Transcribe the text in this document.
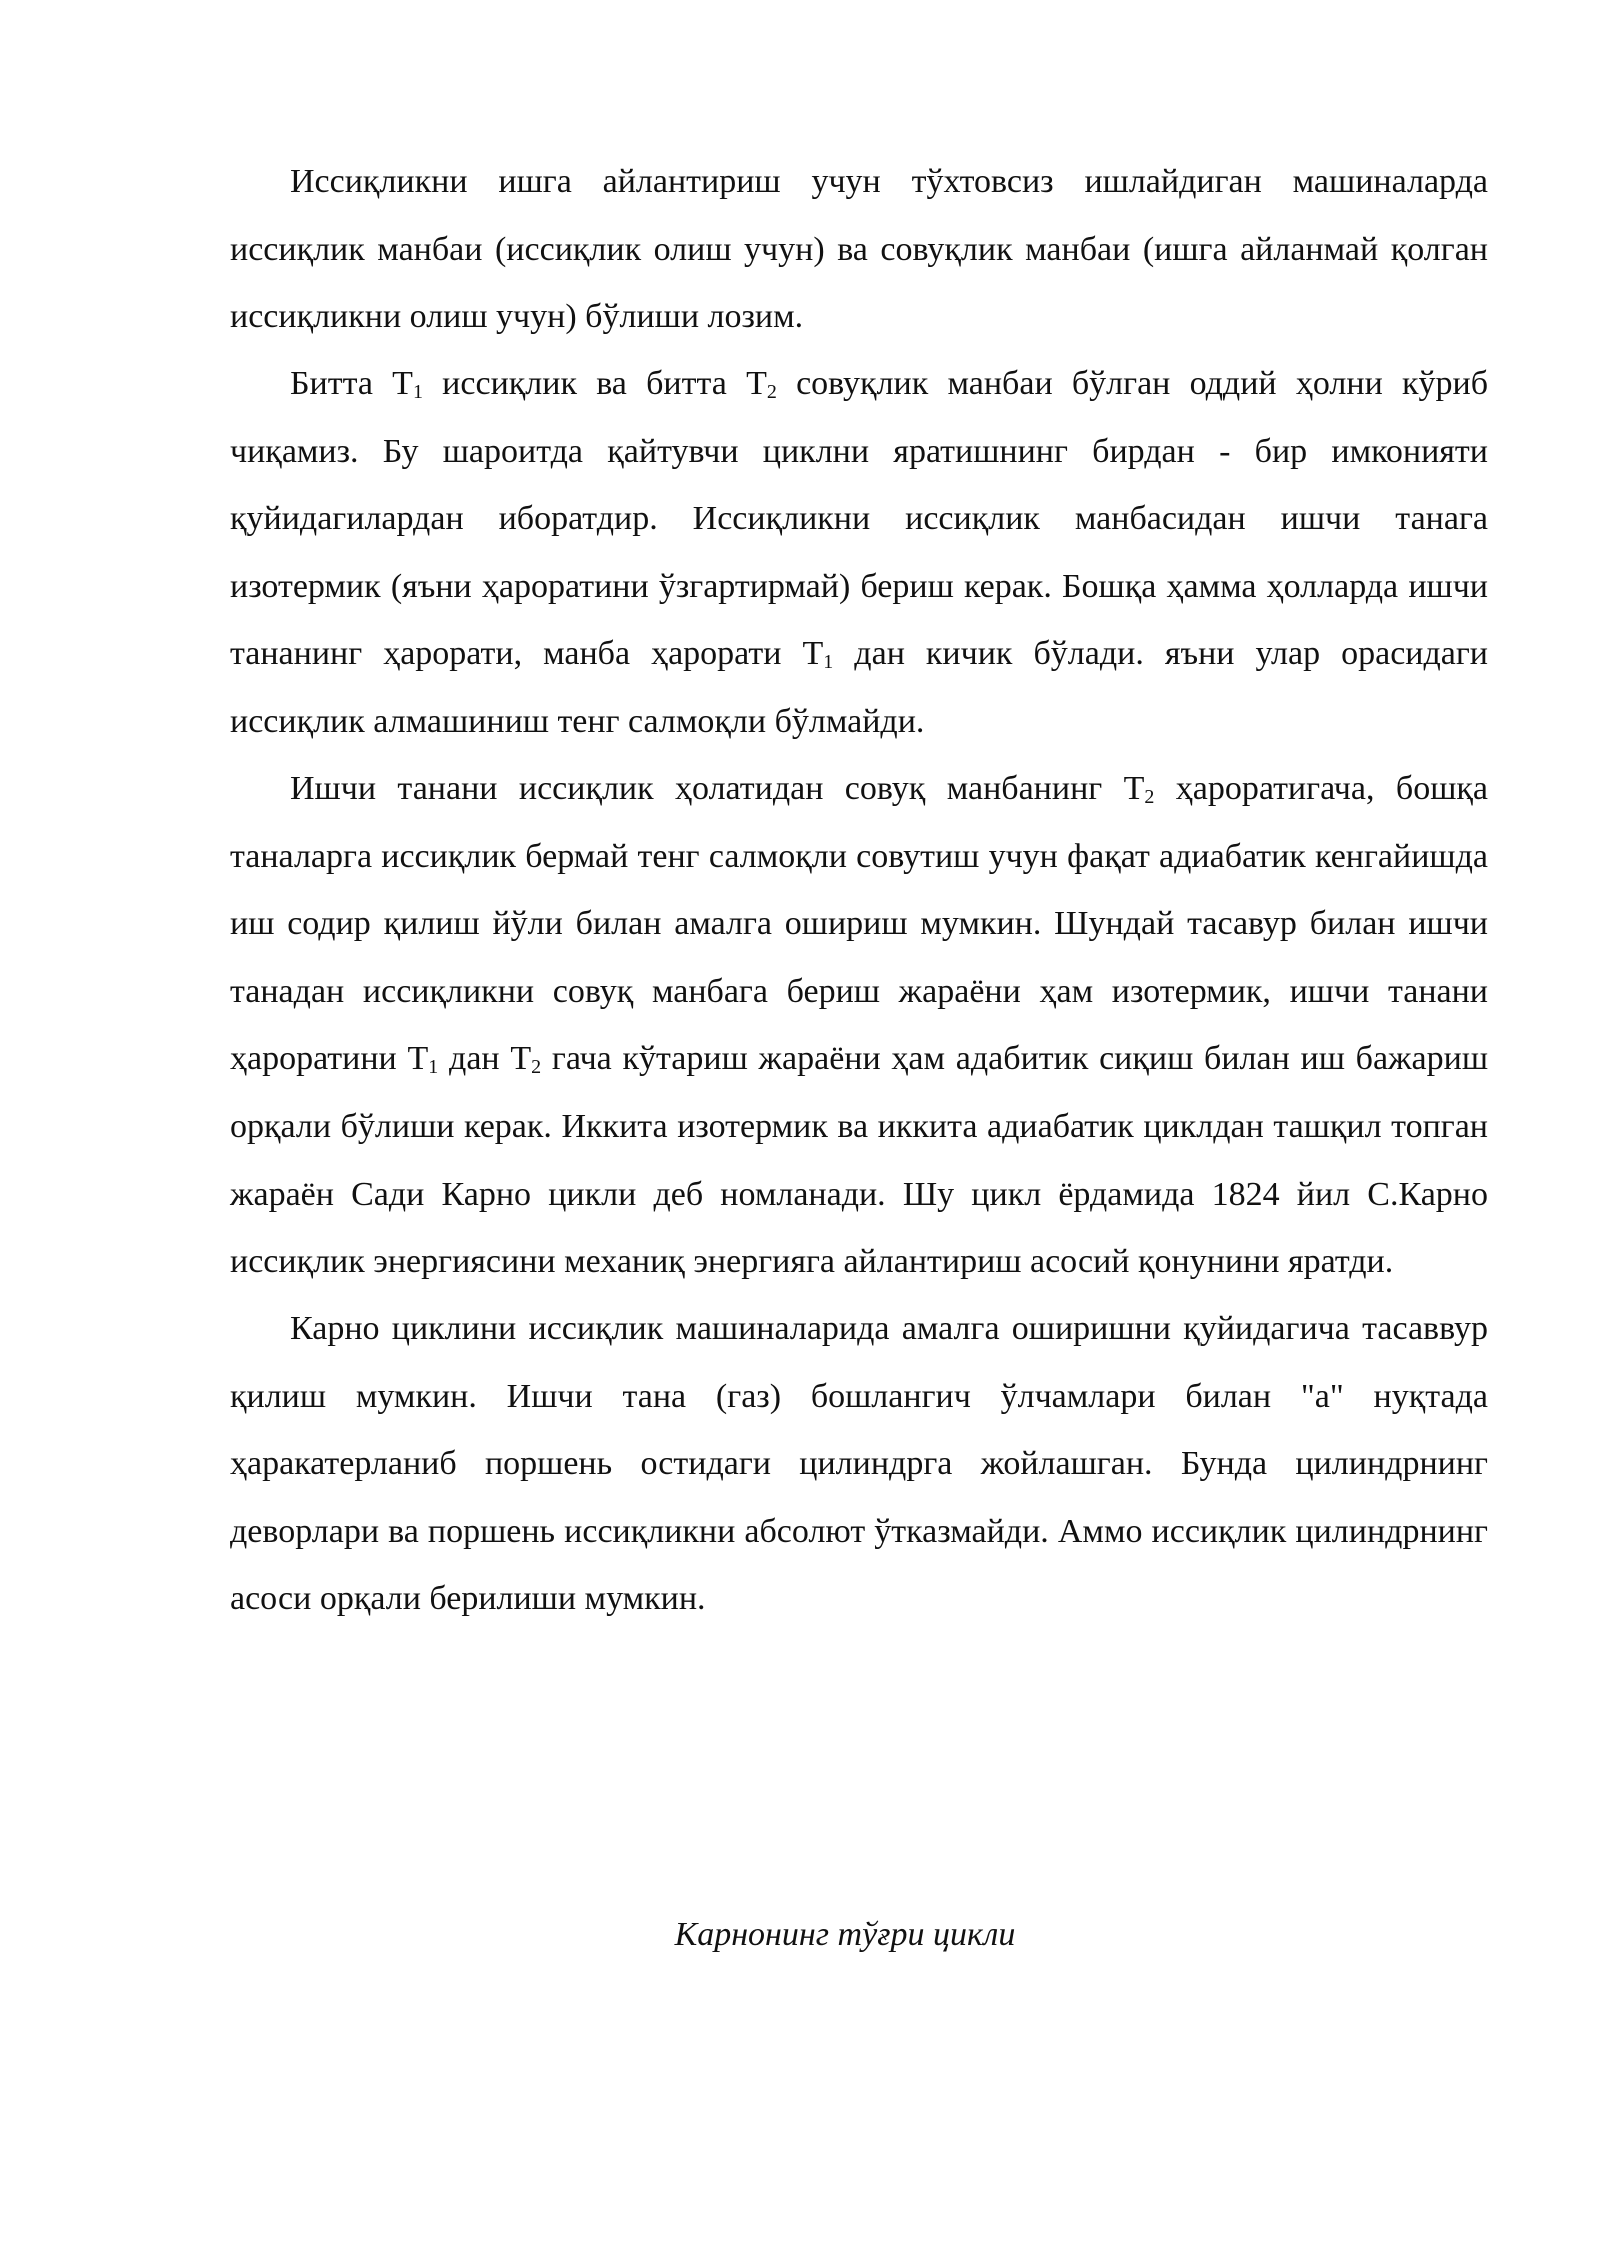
Иссиқликни ишга айлантириш учун тўхтовсиз ишлайдиган машиналарда иссиқлик манбаи (иссиқлик олиш учун) ва совуқлик манбаи (ишга айланмай қолган иссиқликни олиш учун) бўлиши лозим.

Битта $Т_1$ иссиқлик ва битта $Т_2$ совуқлик манбаи бўлган оддий ҳолни кўриб чиқамиз. Бу шароитда қайтувчи циклни яратишнинг бирдан - бир имконияти қуйидагилардан иборатдир. Иссиқликни иссиқлик манбасидан ишчи танага изотермик (яъни ҳароратини ўзгартирмай) бериш керак. Бошқа ҳамма ҳолларда ишчи тананинг ҳарорати, манба ҳарорати $Т_1$ дан кичик бўлади. яъни улар орасидаги иссиқлик алмашиниш тенг салмоқли бўлмайди.

Ишчи танани иссиқлик ҳолатидан совуқ манбанинг $Т_2$ ҳароратигача, бошқа таналарга иссиқлик бермай тенг салмоқли совутиш учун фақат адиабатик кенгайишда иш содир қилиш йўли билан амалга ошириш мумкин. Шундай тасавур билан ишчи танадан иссиқликни совуқ манбага бериш жараёни ҳам изотермик, ишчи танани ҳароратини $Т_1$ дан $Т_2$ гача кўтариш жараёни ҳам адабитик сиқиш билан иш бажариш орқали бўлиши керак. Иккита изотермик ва иккита адиабатик циклдан ташқил топган жараён Сади Карно цикли деб номланади. Шу цикл ёрдамида 1824 йил С.Карно иссиқлик энергиясини механиқ энергияга айлантириш асосий қонунини яратди.

Карно циклини иссиқлик машиналарида амалга оширишни қуйидагича тасаввур қилиш мумкин. Ишчи тана (газ) бошлангич ўлчамлари билан "а" нуқтада ҳаракатерланиб поршень остидаги цилиндрга жойлашган. Бунда цилиндрнинг деворлари ва поршень иссиқликни абсолют ўтказмайди. Аммо иссиқлик цилиндрнинг асоси орқали берилиши мумкин.

Карнонинг тўғри цикли
